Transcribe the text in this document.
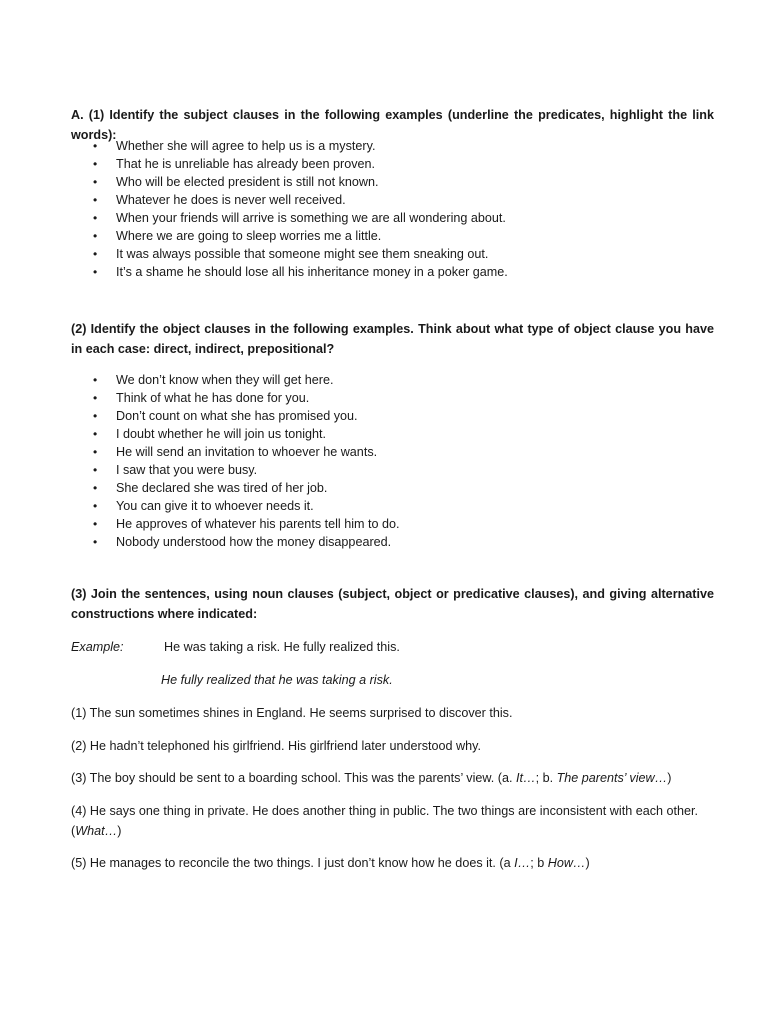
A. (1) Identify the subject clauses in the following examples (underline the predicates, highlight the link words):
• Whether she will agree to help us is a mystery.
• That he is unreliable has already been proven.
• Who will be elected president is still not known.
• Whatever he does is never well received.
• When your friends will arrive is something we are all wondering about.
• Where we are going to sleep worries me a little.
• It was always possible that someone might see them sneaking out.
• It’s a shame he should lose all his inheritance money in a poker game.
(2) Identify the object clauses in the following examples. Think about what type of object clause you have in each case: direct, indirect, prepositional?
• We don’t know when they will get here.
• Think of what he has done for you.
• Don’t count on what she has promised you.
• I doubt whether he will join us tonight.
• He will send an invitation to whoever he wants.
• I saw that you were busy.
• She declared she was tired of her job.
• You can give it to whoever needs it.
• He approves of whatever his parents tell him to do.
• Nobody understood how the money disappeared.
(3) Join the sentences, using noun clauses (subject, object or predicative clauses), and giving alternative constructions where indicated:
Example:	He was taking a risk. He fully realized this.
He fully realized that he was taking a risk.
(1) The sun sometimes shines in England. He seems surprised to discover this.
(2) He hadn’t telephoned his girlfriend. His girlfriend later understood why.
(3) The boy should be sent to a boarding school. This was the parents’ view. (a. It…; b. The parents’ view…)
(4) He says one thing in private. He does another thing in public. The two things are inconsistent with each other.
(What…)
(5) He manages to reconcile the two things. I just don’t know how he does it. (a I…; b How…)
